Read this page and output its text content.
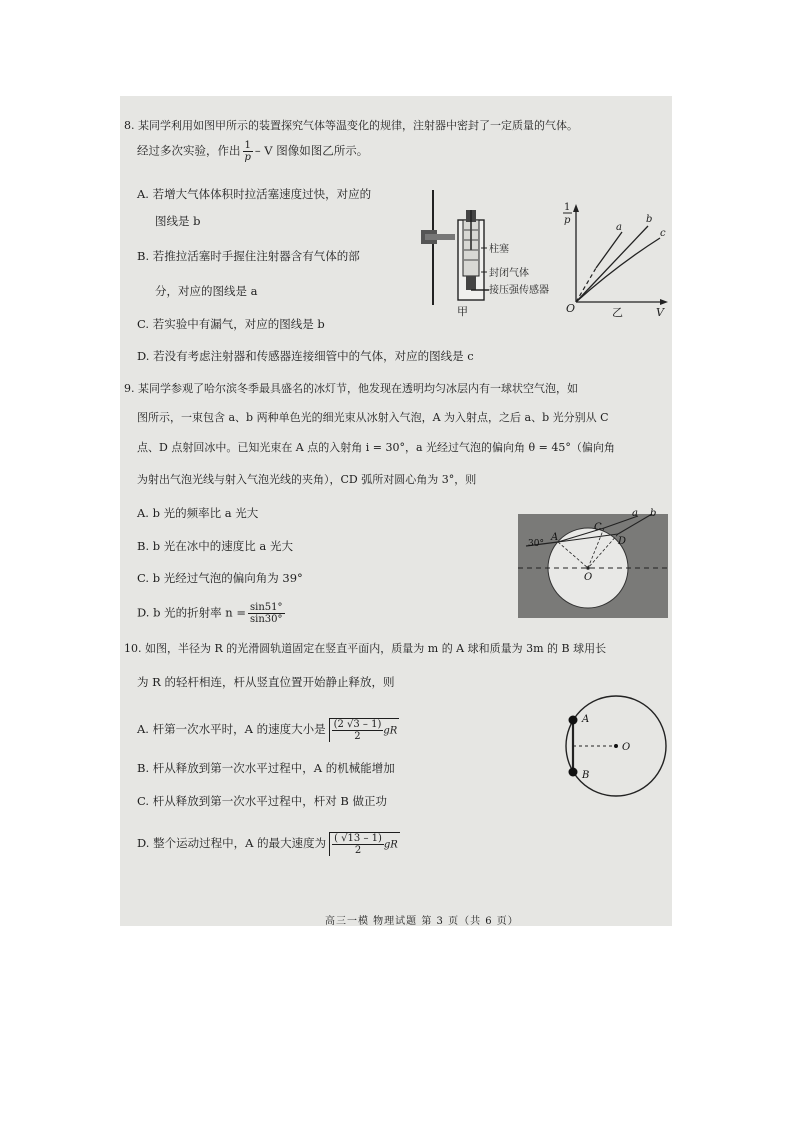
8. 某同学利用如图甲所示的装置探究气体等温变化的规律，注射器中密封了一定质量的气体。
经过多次实验，作出 $\frac{1}{p}$ – V 图像如图乙所示。
A. 若增大气体体积时拉活塞速度过快，对应的
图线是 b
B. 若推拉活塞时手握住注射器含有气体的部
分，对应的图线是 a
C. 若实验中有漏气，对应的图线是 b
D. 若没有考虑注射器和传感器连接细管中的气体，对应的图线是 c
柱塞
封闭气体
接压强传感器
甲
1
p
V
O	乙
a
b
c
9. 某同学参观了哈尔滨冬季最具盛名的冰灯节，他发现在透明均匀冰层内有一球状空气泡，如
图所示，一束包含 a、b 两种单色光的细光束从冰射入气泡，A 为入射点，之后 a、b 光分别从 C
点、D 点射回冰中。已知光束在 A 点的入射角 i = 30°，a 光经过气泡的偏向角 θ = 45°（偏向角
为射出气泡光线与射入气泡光线的夹角），CD 弧所对圆心角为 3°，则
A. b 光的频率比 a 光大
B. b 光在冰中的速度比 a 光大
C. b 光经过气泡的偏向角为 39°
D. b 光的折射率 $n = \frac{\sin 51^\circ}{\sin 30^\circ}$
30°
A
C
D
a b
O
10. 如图，半径为 R 的光滑圆轨道固定在竖直平面内，质量为 m 的 A 球和质量为 3m 的 B 球用长
为 R 的轻杆相连，杆从竖直位置开始静止释放，则
A. 杆第一次水平时，A 的速度大小是 $\frac{(2 √3 - 1)}{2}$ gR
B. 杆从释放到第一次水平过程中，A 的机械能增加
C. 杆从释放到第一次水平过程中，杆对 B 做正功
D. 整个运动过程中，A 的最大速度为 $\frac{( √13 - 1)}{2}$ gR
A
B
O
高三一模 物理试题 第 3 页（共 6 页）
